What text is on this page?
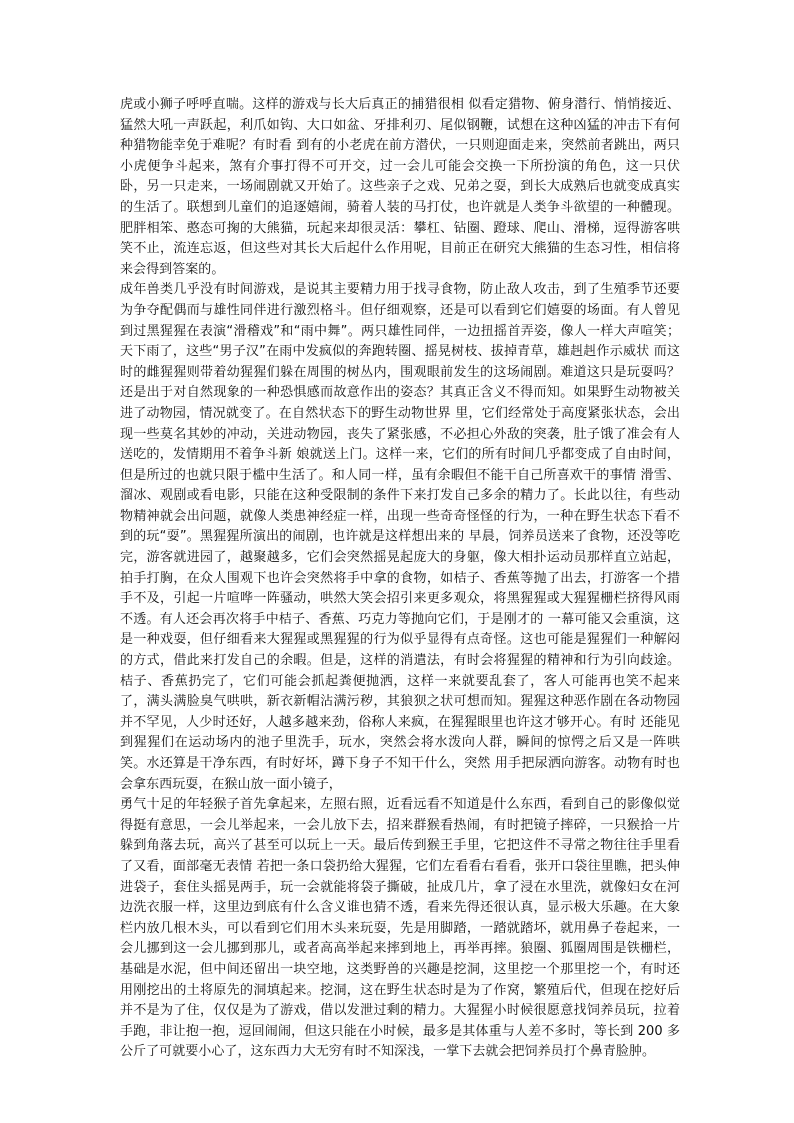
虎或小狮子呼呼直喘。这样的游戏与长大后真正的捕猎很相 似看定猎物、俯身潜行、悄悄接近、猛然大吼一声跃起，利爪如钩、大口如盆、牙排利刃、尾似钢鞭，试想在这种凶猛的冲击下有何种猎物能幸免于难呢？有时看 到有的小老虎在前方潜伏，一只则迎面走来，突然前者跳出，两只小虎便争斗起来，煞有介事打得不可开交，过一会儿可能会交换一下所扮演的角色，这一只伏卧，另一只走来，一场闹剧就又开始了。这些亲子之戏、兄弟之耍，到长大成熟后也就变成真实的生活了。联想到儿童们的追逐嬉闹，骑着人装的马打仗，也许就是人类争斗欲望的一种體现。肥胖相笨、憨态可掬的大熊猫，玩起来却很灵活：攀杠、钻圈、蹬球、爬山、滑梯，逗得游客哄笑不止，流连忘返，但这些对其长大后起什么作用呢，目前正在研究大熊猫的生态习性，相信将来会得到答案的。

成年兽类几乎没有时间游戏，是说其主要精力用于找寻食物，防止敌人攻击，到了生殖季节还要为争夺配偶而与雄性同伴进行激烈格斗。但仔细观察，还是可以看到它们嬉耍的场面。有人曾见到过黑猩猩在表演“滑稽戏”和“雨中舞”。两只雄性同伴，一边扭摇首弄姿，像人一样大声喧笑；天下雨了，这些“男子汉”在雨中发疯似的奔跑转圈、摇晃树枝、拔掉青草，雄赳赳作示威状 而这时的雌猩猩则带着幼猩猩们躲在周围的树丛内，围观眼前发生的这场闹剧。难道这只是玩耍吗？还是出于对自然现象的一种恐惧感而故意作出的姿态？其真正含义不得而知。如果野生动物被关进了动物园，情况就变了。在自然状态下的野生动物世界 里，它们经常处于高度紧张状态，会出现一些莫名其妙的冲动，关进动物园，丧失了紧张感，不必担心外敌的突袭，肚子饿了准会有人送吃的，发情期用不着争斗新 娘就送上门。这样一来，它们的所有时间几乎都变成了自由时间，但是所过的也就只限于槛中生活了。和人同一样，虽有余暇但不能干自己所喜欢干的事情 滑雪、溜冰、观剧或看电影，只能在这种受限制的条件下来打发自己多余的精力了。长此以往，有些动物精神就会出问题，就像人类患神经症一样，出现一些奇奇怪怪的行为，一种在野生状态下看不到的玩“耍”。黑猩猩所演出的闹剧，也许就是这样想出来的 早晨，饲养员送来了食物，还没等吃完，游客就进园了，越聚越多，它们会突然摇晃起庞大的身躯，像大相扑运动员那样直立站起，拍手打胸，在众人围观下也许会突然将手中拿的食物，如桔子、香蕉等抛了出去，打游客一个措手不及，引起一片喧哗一阵骚动，哄然大笑会招引来更多观众，将黑猩猩或大猩猩栅栏挤得风雨不透。有人还会再次将手中桔子、香蕉、巧克力等抛向它们，于是刚才的 一幕可能又会重演，这是一种戏耍，但仔细看来大猩猩或黑猩猩的行为似乎显得有点奇怪。这也可能是猩猩们一种解闷的方式，借此来打发自己的余暇。但是，这样的消遣法，有时会将猩猩的精神和行为引向歧途。桔子、香蕉扔完了，它们可能会抓起粪便抛洒，这样一来就要乱套了，客人可能再也笑不起来了，满头满脸臭气哄哄，新衣新帽沾满污秽，其狼狈之状可想而知。猩猩这种恶作剧在各动物园并不罕见，人少时还好，人越多越来劲，俗称人来疯，在猩猩眼里也许这才够开心。有时 还能见到猩猩们在运动场内的池子里洗手，玩水，突然会将水泼向人群，瞬间的惊愕之后又是一阵哄笑。水还算是干净东西，有时好坏，蹲下身子不知干什么，突然 用手把尿洒向游客。动物有时也会拿东西玩耍，在猴山放一面小镜子，

勇气十足的年轻猴子首先拿起来，左照右照，近看远看不知道是什么东西，看到自己的影像似觉得挺有意思，一会儿举起来，一会儿放下去，招来群猴看热闹，有时把镜子摔碎，一只猴拾一片躲到角落去玩，高兴了甚至可以玩上一天。最后传到猴王手里，它把这件不寻常之物往往手里看了又看，面部毫无表情 若把一条口袋扔给大猩猩，它们左看看右看看，张开口袋往里瞧，把头伸进袋子，套住头摇晃两手，玩一会就能将袋子撕破，扯成几片，拿了浸在水里洗，就像妇女在河边洗衣服一样，这里边到底有什么含义谁也猜不透，看来先得还很认真，显示极大乐趣。在大象栏内放几根木头，可以看到它们用木头来玩耍，先是用脚踏，一踏就踏坏，就用鼻子卷起来，一会儿挪到这一会儿挪到那儿，或者高高举起来摔到地上，再举再摔。狼圈、狐圈周围是铁栅栏，基础是水泥，但中间还留出一块空地，这类野兽的兴趣是挖洞，这里挖一个那里挖一个，有时还用刚挖出的土将原先的洞填起来。挖洞，这在野生状态时是为了作窝，繁殖后代，但现在挖好后并不是为了住，仅仅是为了游戏，借以发泄过剩的精力。大猩猩小时候很愿意找饲养员玩，拉着手跑，非让抱一抱，逗回闹闹，但这只能在小时候，最多是其体重与人差不多时，等长到 200 多公斤了可就要小心了，这东西力大无穷有时不知深浅，一掌下去就会把饲养员打个鼻青脸肿。
